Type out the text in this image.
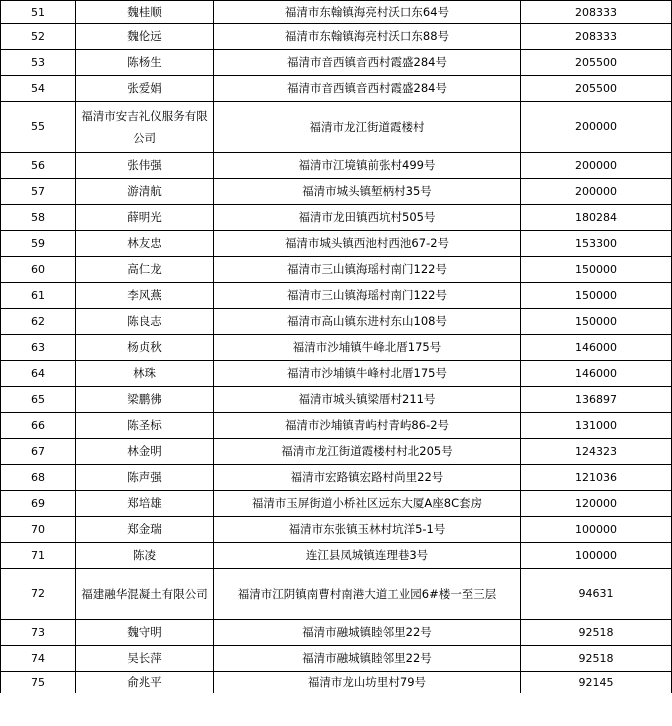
51	魏桂顺	福清市东翰镇海亮村沃口东64号	208333
52	魏伦远	福清市东翰镇海亮村沃口东88号	208333
53	陈杨生	福清市音西镇音西村霞盛284号	205500
54	张爱娟	福清市音西镇音西村霞盛284号	205500
55	福清市安吉礼仪服务有限公司	福清市龙江街道霞楼村	200000
56	张伟强	福清市江境镇前张村499号	200000
57	游清航	福清市城头镇堑柄村35号	200000
58	薛明光	福清市龙田镇西坑村505号	180284
59	林友忠	福清市城头镇西池村西池67-2号	153300
60	高仁龙	福清市三山镇海瑶村南门122号	150000
61	李风燕	福清市三山镇海瑶村南门122号	150000
62	陈良志	福清市高山镇东进村东山108号	150000
63	杨贞秋	福清市沙埔镇牛峰北厝175号	146000
64	林珠	福清市沙埔镇牛峰村北厝175号	146000
65	梁鹏彿	福清市城头镇梁厝村211号	136897
66	陈圣标	福清市沙埔镇青屿村青屿86-2号	131000
67	林金明	福清市龙江街道霞楼村村北205号	124323
68	陈声强	福清市宏路镇宏路村尚里22号	121036
69	郑培雄	福清市玉屏街道小桥社区远东大厦A座8C套房	120000
70	郑金瑞	福清市东张镇玉林村坑洋5-1号	100000
71	陈凌	连江县凤城镇连理巷3号	100000
72	福建融华混凝土有限公司	福清市江阴镇南曹村南港大道工业园6#楼一至三层	94631
73	魏守明	福清市融城镇睦邻里22号	92518
74	吴长萍	福清市融城镇睦邻里22号	92518
75	俞兆平	福清市龙山坊里村79号	92145
